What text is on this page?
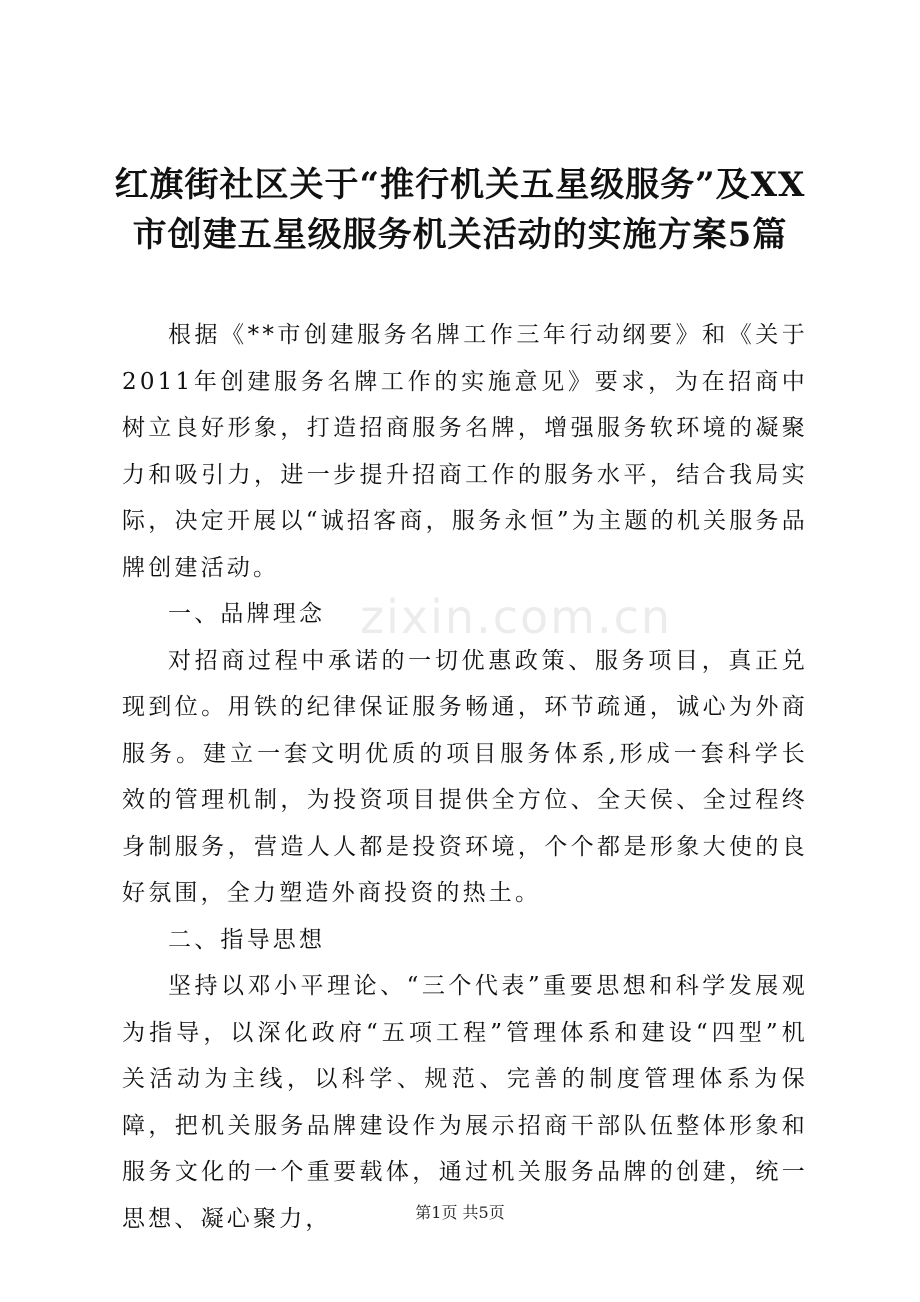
红旗街社区关于“推行机关五星级服务”及XX市创建五星级服务机关活动的实施方案5篇

根据《**市创建服务名牌工作三年行动纲要》和《关于2011年创建服务名牌工作的实施意见》要求，为在招商中树立良好形象，打造招商服务名牌，增强服务软环境的凝聚力和吸引力，进一步提升招商工作的服务水平，结合我局实际，决定开展以“诚招客商，服务永恒”为主题的机关服务品牌创建活动。

一、品牌理念

对招商过程中承诺的一切优惠政策、服务项目，真正兑现到位。用铁的纪律保证服务畅通，环节疏通，诚心为外商服务。建立一套文明优质的项目服务体系,形成一套科学长效的管理机制，为投资项目提供全方位、全天侯、全过程终身制服务，营造人人都是投资环境，个个都是形象大使的良好氛围，全力塑造外商投资的热土。

二、指导思想

坚持以邓小平理论、“三个代表”重要思想和科学发展观为指导，以深化政府“五项工程”管理体系和建设“四型”机关活动为主线，以科学、规范、完善的制度管理体系为保障，把机关服务品牌建设作为展示招商干部队伍整体形象和服务文化的一个重要载体，通过机关服务品牌的创建，统一思想、凝心聚力，

zixin.com.cn
第1页 共5页
